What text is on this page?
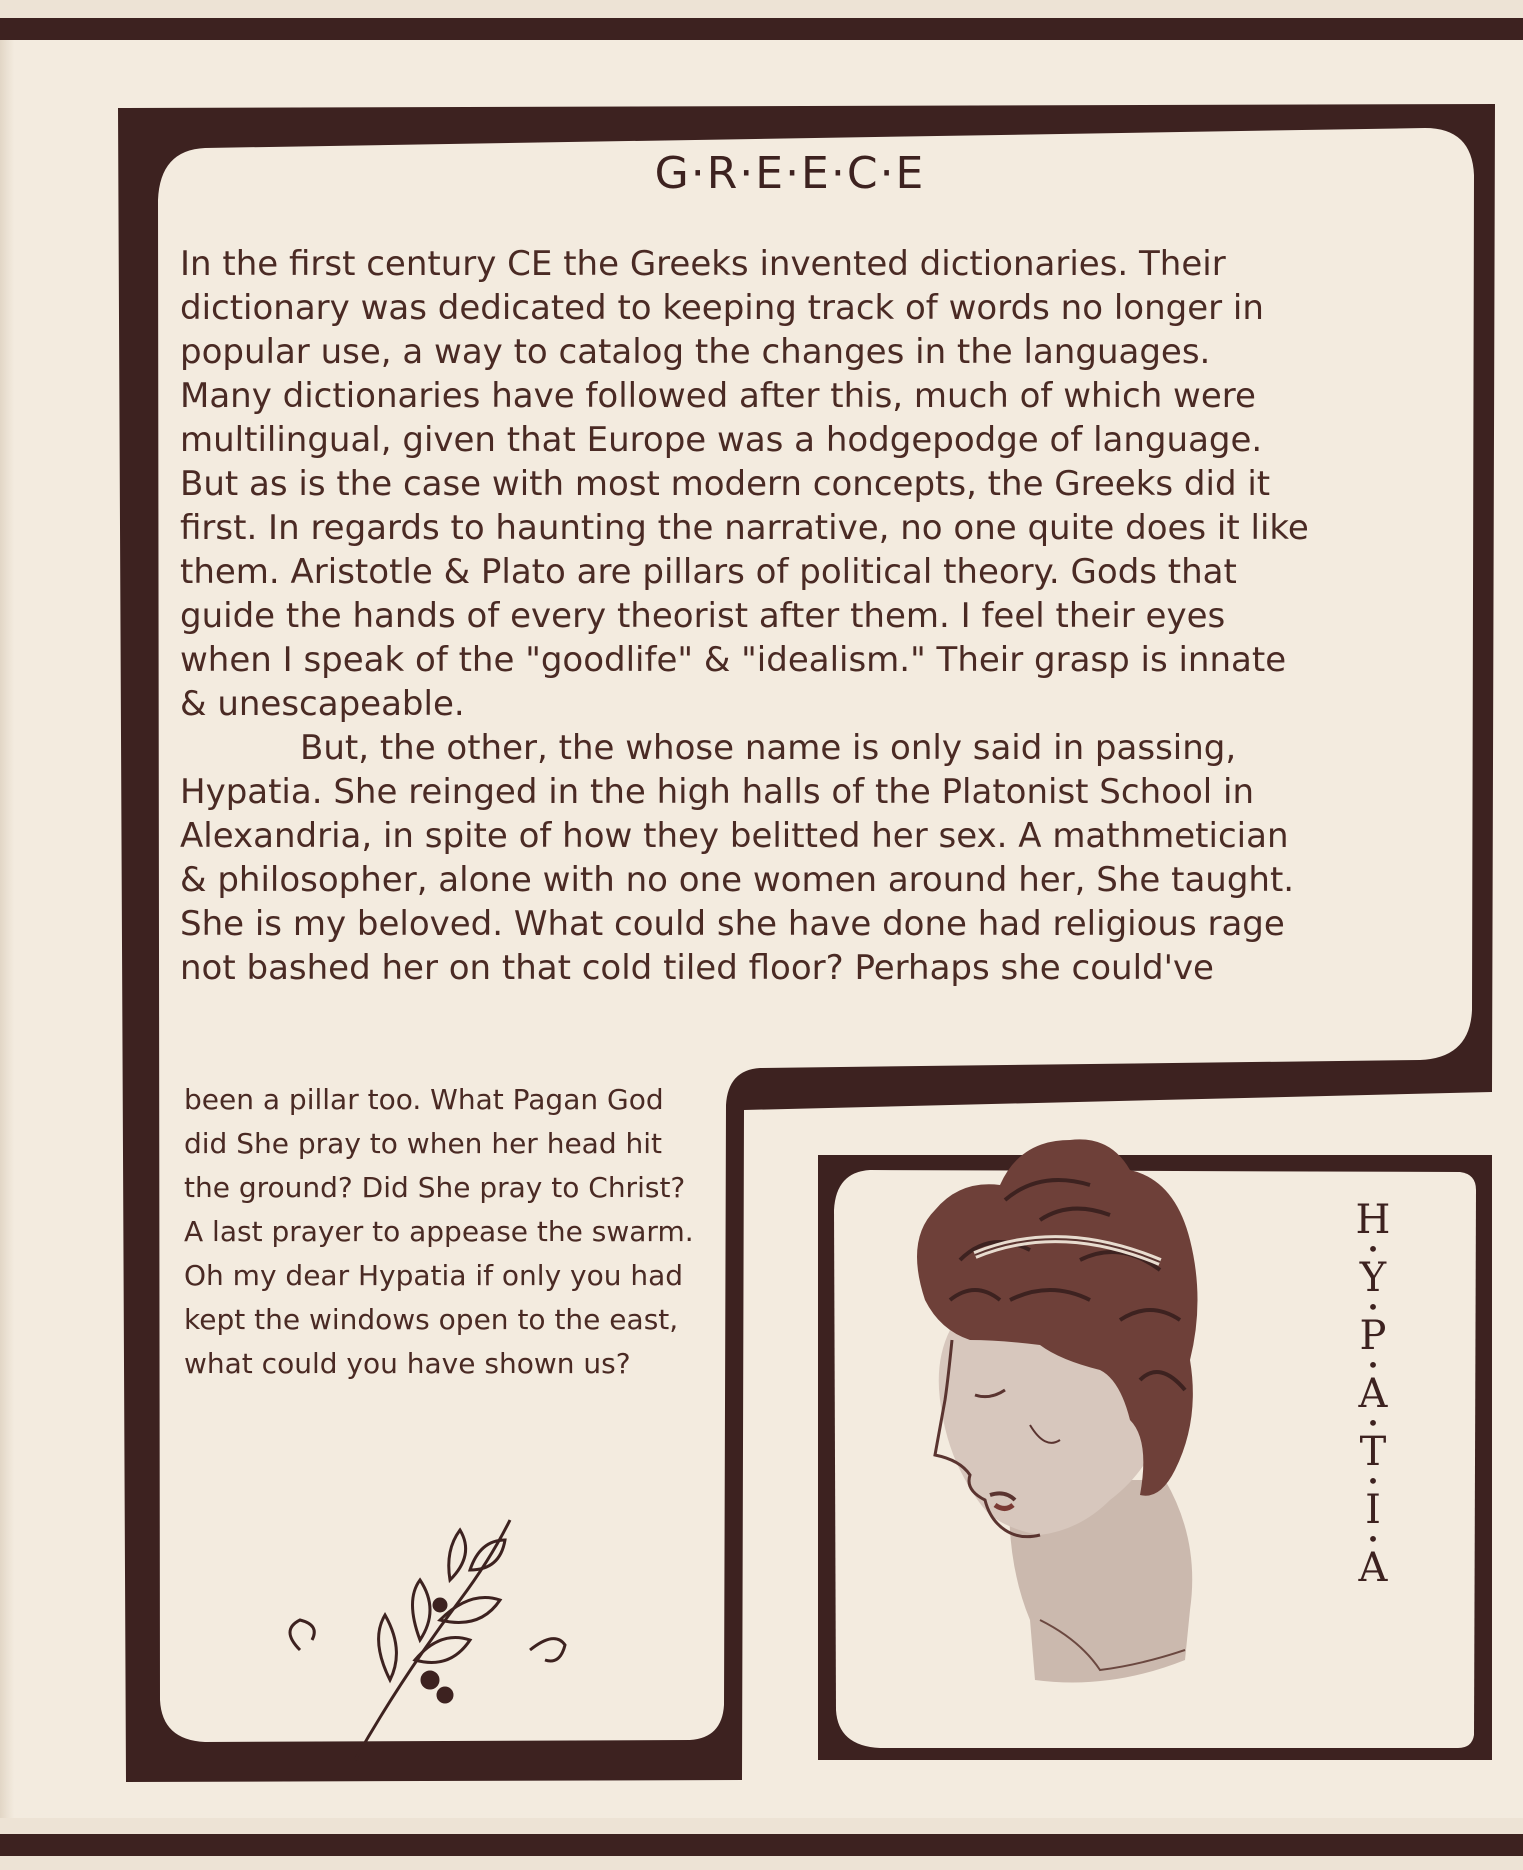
G·R·E·E·C·E

In the first century CE the Greeks invented dictionaries. Their dictionary was dedicated to keeping track of words no longer in popular use, a way to catalog the changes in the languages. Many dictionaries have followed after this, much of which were multilingual, given that Europe was a hodgepodge of language. But as is the case with most modern concepts, the Greeks did it first. In regards to haunting the narrative, no one quite does it like them. Aristotle & Plato are pillars of political theory. Gods that guide the hands of every theorist after them. I feel their eyes when I speak of the "goodlife" & "idealism." Their grasp is innate & unescapeable.

But, the other, the whose name is only said in passing, Hypatia. She reinged in the high halls of the Platonist School in Alexandria, in spite of how they belitted her sex. A mathmetician & philosopher, alone with no one women around her, She taught. She is my beloved. What could she have done had religious rage not bashed her on that cold tiled floor? Perhaps she could've

been a pillar too. What Pagan God did She pray to when her head hit the ground? Did She pray to Christ? A last prayer to appease the swarm. Oh my dear Hypatia if only you had kept the windows open to the east, what could you have shown us?
H
•
Y
•
P
•
A
•
T
•
I
•
A
